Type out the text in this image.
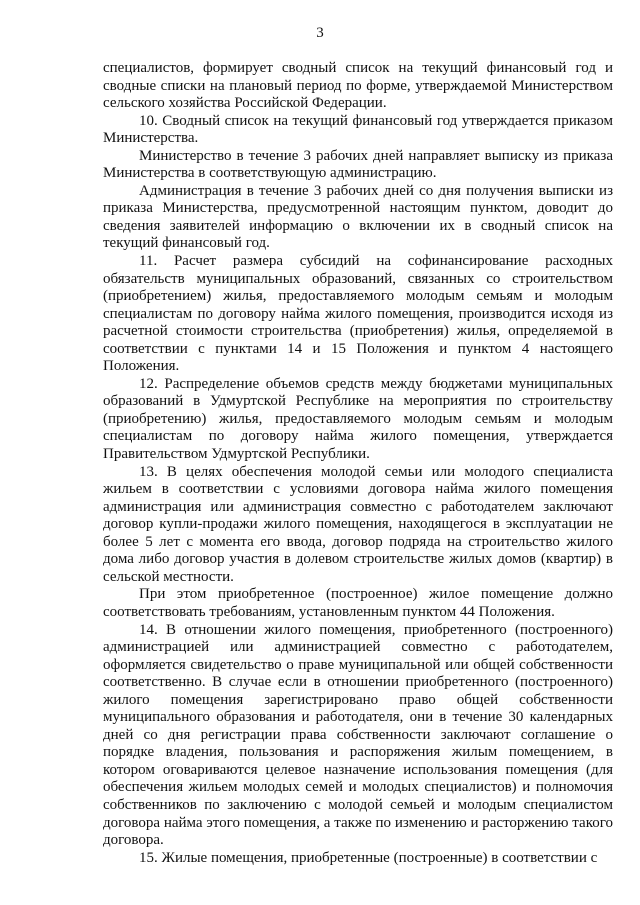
3

специалистов, формирует сводный список на текущий финансовый год и сводные списки на плановый период по форме, утверждаемой Министерством сельского хозяйства Российской Федерации.

10. Сводный список на текущий финансовый год утверждается приказом Министерства.

Министерство в течение 3 рабочих дней направляет выписку из приказа Министерства в соответствующую администрацию.

Администрация в течение 3 рабочих дней со дня получения выписки из приказа Министерства, предусмотренной настоящим пунктом, доводит до сведения заявителей информацию о включении их в сводный список на текущий финансовый год.

11. Расчет размера субсидий на софинансирование расходных обязательств муниципальных образований, связанных со строительством (приобретением) жилья, предоставляемого молодым семьям и молодым специалистам по договору найма жилого помещения, производится исходя из расчетной стоимости строительства (приобретения) жилья, определяемой в соответствии с пунктами 14 и 15 Положения и пунктом 4 настоящего Положения.

12. Распределение объемов средств между бюджетами муниципальных образований в Удмуртской Республике на мероприятия по строительству (приобретению) жилья, предоставляемого молодым семьям и молодым специалистам по договору найма жилого помещения, утверждается Правительством Удмуртской Республики.

13. В целях обеспечения молодой семьи или молодого специалиста жильем в соответствии с условиями договора найма жилого помещения администрация или администрация совместно с работодателем заключают договор купли-продажи жилого помещения, находящегося в эксплуатации не более 5 лет с момента его ввода, договор подряда на строительство жилого дома либо договор участия в долевом строительстве жилых домов (квартир) в сельской местности.

При этом приобретенное (построенное) жилое помещение должно соответствовать требованиям, установленным пунктом 44 Положения.

14. В отношении жилого помещения, приобретенного (построенного) администрацией или администрацией совместно с работодателем, оформляется свидетельство о праве муниципальной или общей собственности соответственно. В случае если в отношении приобретенного (построенного) жилого помещения зарегистрировано право общей собственности муниципального образования и работодателя, они в течение 30 календарных дней со дня регистрации права собственности заключают соглашение о порядке владения, пользования и распоряжения жилым помещением, в котором оговариваются целевое назначение использования помещения (для обеспечения жильем молодых семей и молодых специалистов) и полномочия собственников по заключению с молодой семьей и молодым специалистом договора найма этого помещения, а также по изменению и расторжению такого договора.

15. Жилые помещения, приобретенные (построенные) в соответствии с
